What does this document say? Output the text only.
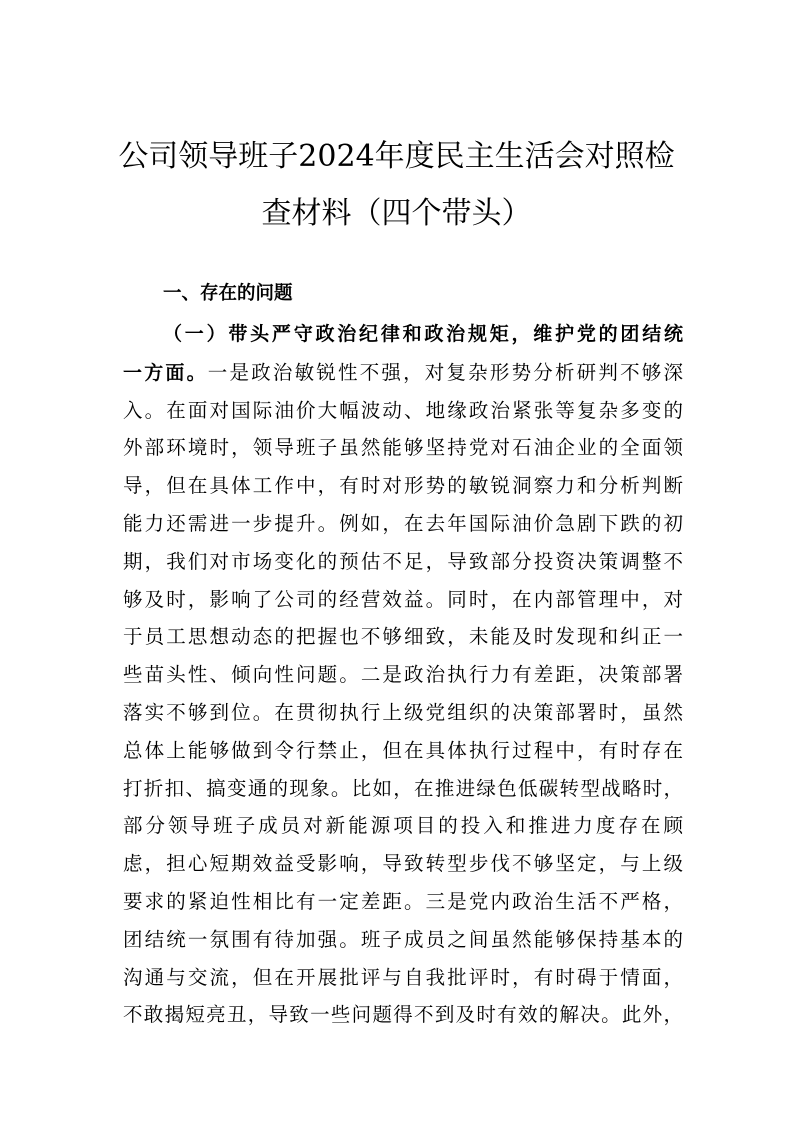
公司领导班子2024年度民主生活会对照检
查材料（四个带头）
一、存在的问题
（一）带头严守政治纪律和政治规矩，维护党的团结统
一方面。一是政治敏锐性不强，对复杂形势分析研判不够深
入。在面对国际油价大幅波动、地缘政治紧张等复杂多变的
外部环境时，领导班子虽然能够坚持党对石油企业的全面领
导，但在具体工作中，有时对形势的敏锐洞察力和分析判断
能力还需进一步提升。例如，在去年国际油价急剧下跌的初
期，我们对市场变化的预估不足，导致部分投资决策调整不
够及时，影响了公司的经营效益。同时，在内部管理中，对
于员工思想动态的把握也不够细致，未能及时发现和纠正一
些苗头性、倾向性问题。二是政治执行力有差距，决策部署
落实不够到位。在贯彻执行上级党组织的决策部署时，虽然
总体上能够做到令行禁止，但在具体执行过程中，有时存在
打折扣、搞变通的现象。比如，在推进绿色低碳转型战略时，
部分领导班子成员对新能源项目的投入和推进力度存在顾
虑，担心短期效益受影响，导致转型步伐不够坚定，与上级
要求的紧迫性相比有一定差距。三是党内政治生活不严格，
团结统一氛围有待加强。班子成员之间虽然能够保持基本的
沟通与交流，但在开展批评与自我批评时，有时碍于情面，
不敢揭短亮丑，导致一些问题得不到及时有效的解决。此外，
